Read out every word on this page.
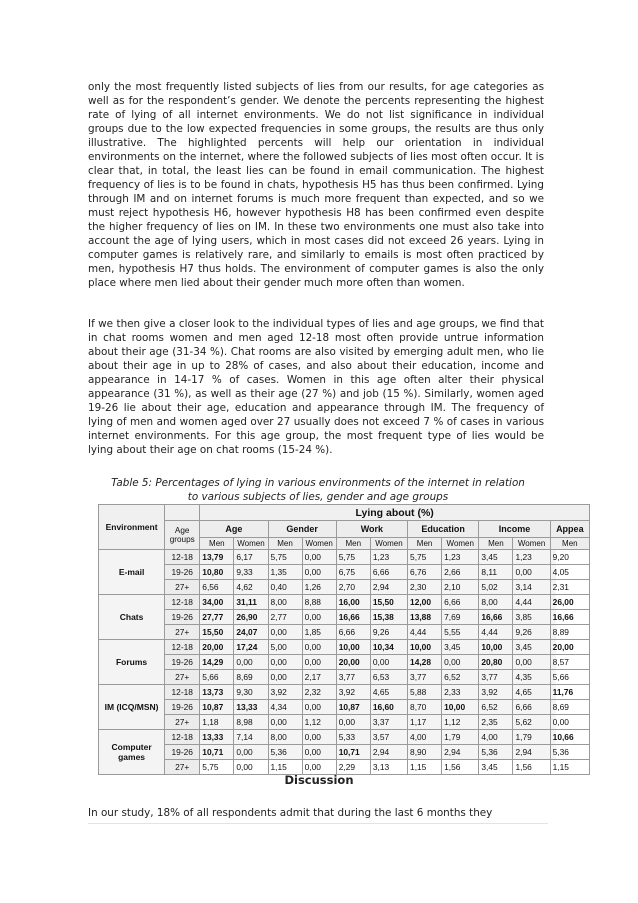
only the most frequently listed subjects of lies from our results, for age categories as well as for the respondent’s gender. We denote the percents representing the highest rate of lying of all internet environments. We do not list significance in individual groups due to the low expected frequencies in some groups, the results are thus only illustrative. The highlighted percents will help our orientation in individual environments on the internet, where the followed subjects of lies most often occur. It is clear that, in total, the least lies can be found in email communication. The highest frequency of lies is to be found in chats, hypothesis H5 has thus been confirmed. Lying through IM and on internet forums is much more frequent than expected, and so we must reject hypothesis H6, however hypothesis H8 has been confirmed even despite the higher frequency of lies on IM. In these two environments one must also take into account the age of lying users, which in most cases did not exceed 26 years. Lying in computer games is relatively rare, and similarly to emails is most often practiced by men, hypothesis H7 thus holds. The environment of computer games is also the only place where men lied about their gender much more often than women.

If we then give a closer look to the individual types of lies and age groups, we find that in chat rooms women and men aged 12-18 most often provide untrue information about their age (31-34 %). Chat rooms are also visited by emerging adult men, who lie about their age in up to 28% of cases, and also about their education, income and appearance in 14-17 % of cases. Women in this age often alter their physical appearance (31 %), as well as their age (27 %) and job (15 %). Similarly, women aged 19-26 lie about their age, education and appearance through IM. The frequency of lying of men and women aged over 27 usually does not exceed 7 % of cases in various internet environments. For this age group, the most frequent type of lies would be lying about their age on chat rooms (15-24 %).

Table 5: Percentages of lying in various environments of the internet in relation
to various subjects of lies, gender and age groups
Environment		Lying about (%)										
	Age groups	Age		Gender		Work		Education		Income		Appea
		Men	Women	Men	Women	Men	Women	Men	Women	Men	Women	Men
E-mail	12-18	13,79	6,17	5,75	0,00	5,75	1,23	5,75	1,23	3,45	1,23	9,20
	19-26	10,80	9,33	1,35	0,00	6,75	6,66	6,76	2,66	8,11	0,00	4,05
	27+	6,56	4,62	0,40	1,26	2,70	2,94	2,30	2,10	5,02	3,14	2,31
Chats	12-18	34,00	31,11	8,00	8,88	16,00	15,50	12,00	6,66	8,00	4,44	26,00
	19-26	27,77	26,90	2,77	0,00	16,66	15,38	13,88	7,69	16,66	3,85	16,66
	27+	15,50	24,07	0,00	1,85	6,66	9,26	4,44	5,55	4,44	9,26	8,89
Forums	12-18	20,00	17,24	5,00	0,00	10,00	10,34	10,00	3,45	10,00	3,45	20,00
	19-26	14,29	0,00	0,00	0,00	20,00	0,00	14,28	0,00	20,80	0,00	8,57
	27+	5,66	8,69	0,00	2,17	3,77	6,53	3,77	6,52	3,77	4,35	5,66
IM (ICQ/MSN)	12-18	13,73	9,30	3,92	2,32	3,92	4,65	5,88	2,33	3,92	4,65	11,76
	19-26	10,87	13,33	4,34	0,00	10,87	16,60	8,70	10,00	6,52	6,66	8,69
	27+	1,18	8,98	0,00	1,12	0,00	3,37	1,17	1,12	2,35	5,62	0,00
Computer games	12-18	13,33	7,14	8,00	0,00	5,33	3,57	4,00	1,79	4,00	1,79	10,66
	19-26	10,71	0,00	5,36	0,00	10,71	2,94	8,90	2,94	5,36	2,94	5,36
	27+	5,75	0,00	1,15	0,00	2,29	3,13	1,15	1,56	3,45	1,56	1,15
Discussion

In our study, 18% of all respondents admit that during the last 6 months they
